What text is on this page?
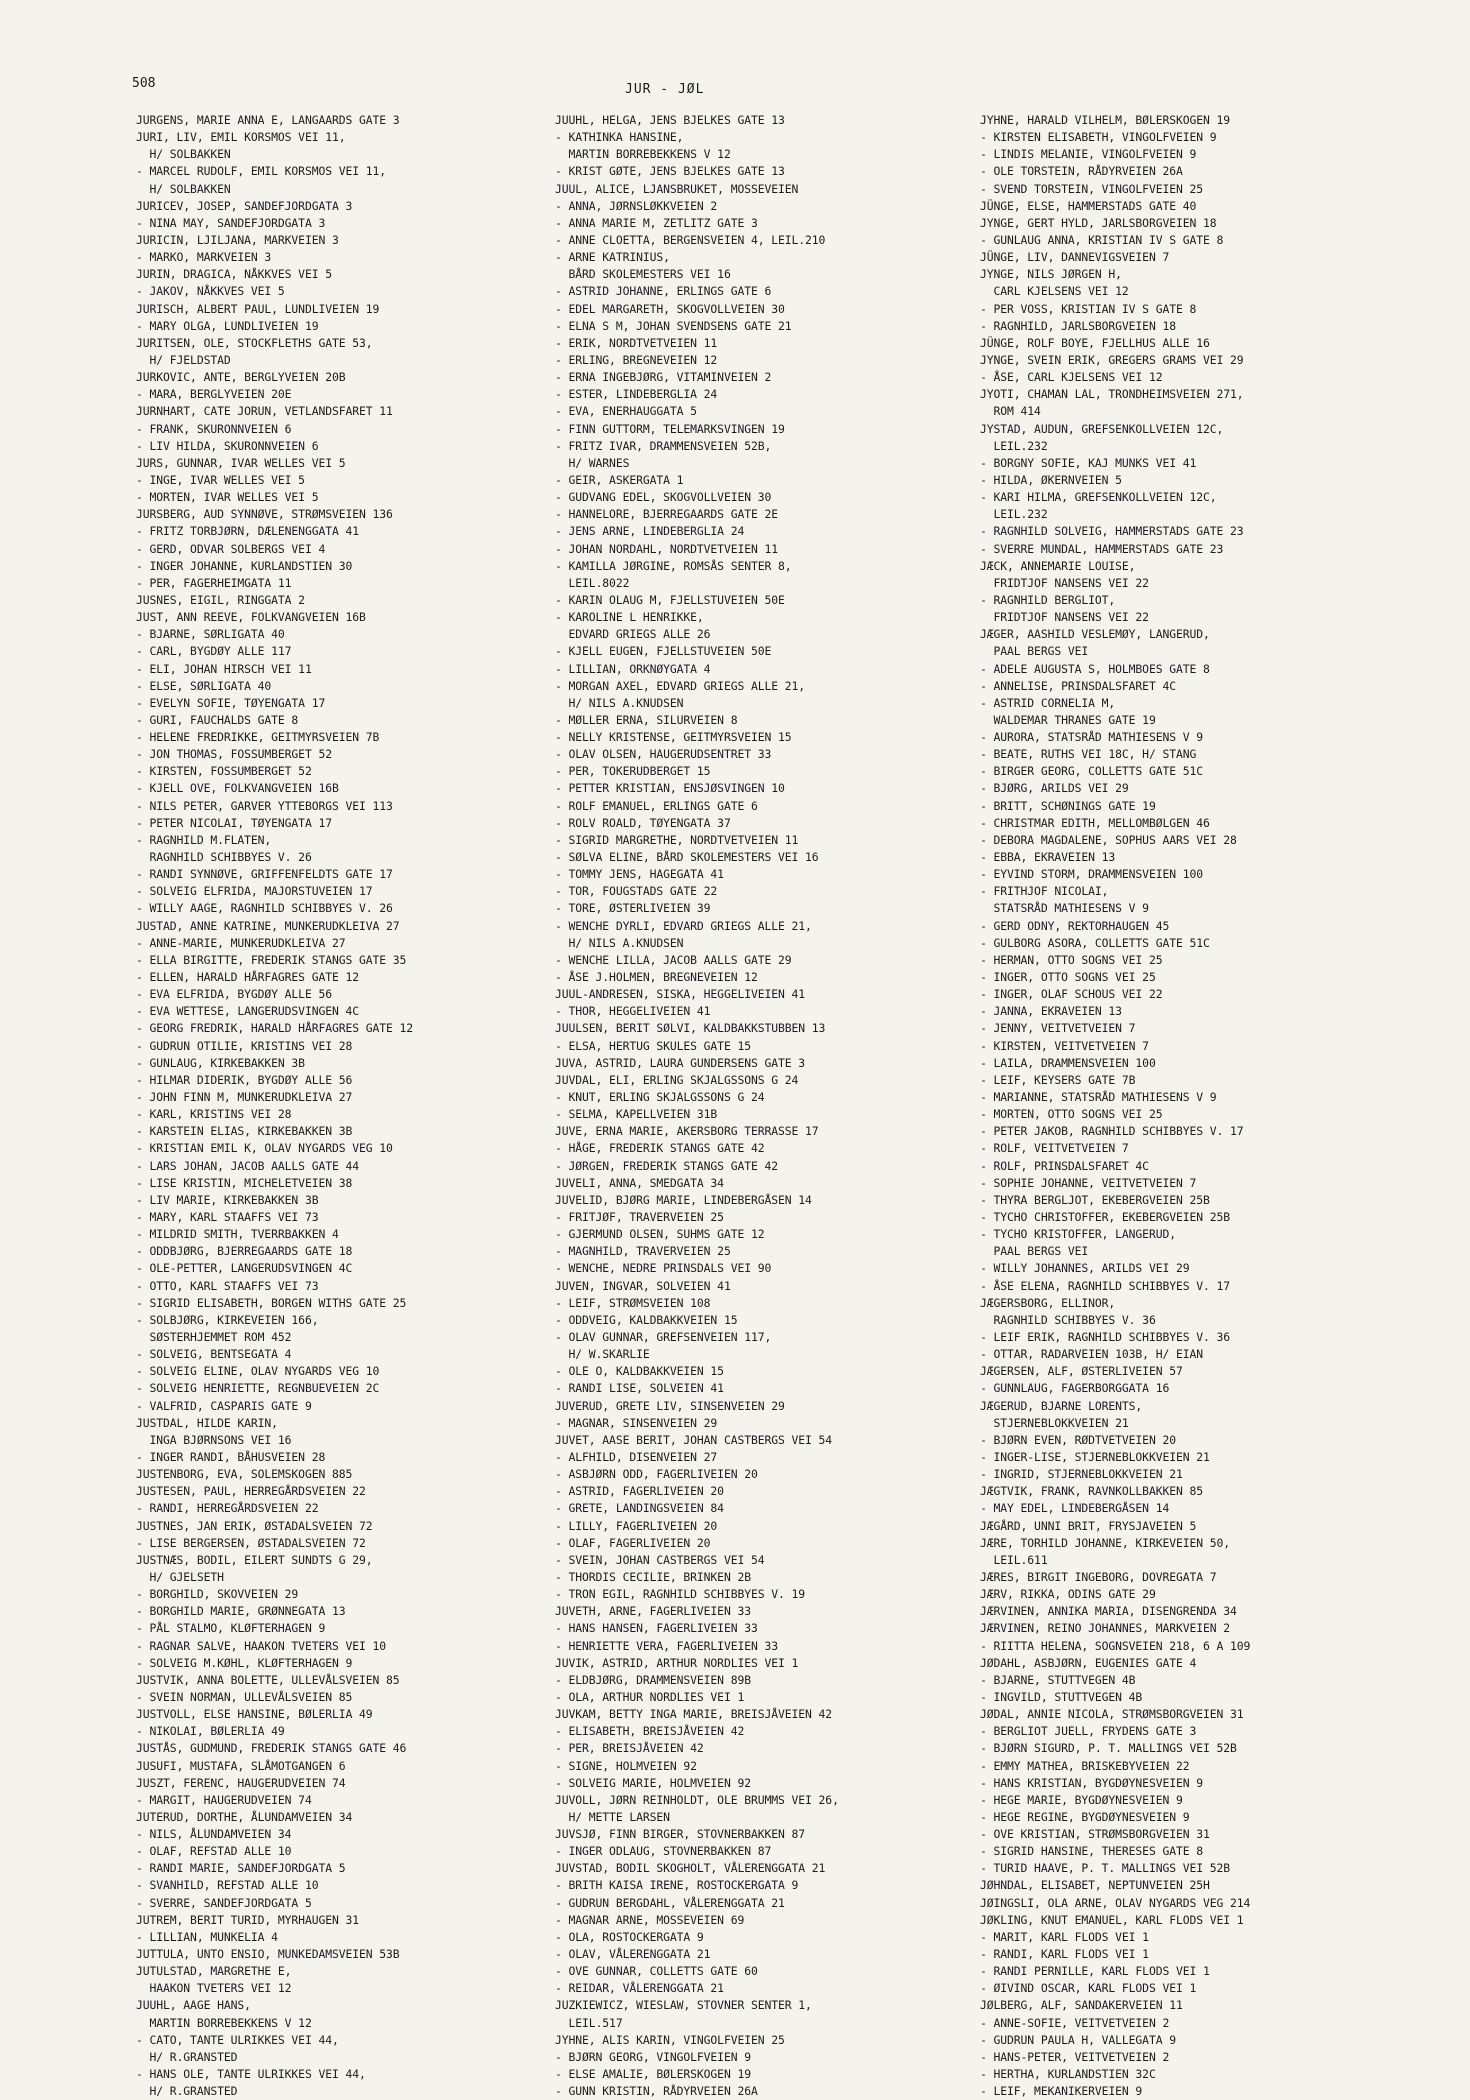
508	JUR - JØL
JURGENS, MARIE ANNA E, LANGAARDS GATE 3
JURI, LIV, EMIL KORSMOS VEI 11,
H/ SOLBAKKEN
- MARCEL RUDOLF, EMIL KORSMOS VEI 11,
H/ SOLBAKKEN
JURICEV, JOSEP, SANDEFJORDGATA 3
- NINA MAY, SANDEFJORDGATA 3
JURICIN, LJILJANA, MARKVEIEN 3
- MARKO, MARKVEIEN 3
JURIN, DRAGICA, NÅKKVES VEI 5
- JAKOV, NÅKKVES VEI 5
JURISCH, ALBERT PAUL, LUNDLIVEIEN 19
- MARY OLGA, LUNDLIVEIEN 19
JURITSEN, OLE, STOCKFLETHS GATE 53,
H/ FJELDSTAD
JURKOVIC, ANTE, BERGLYVEIEN 20B
- MARA, BERGLYVEIEN 20E
JURNHART, CATE JORUN, VETLANDSFARET 11
- FRANK, SKURONNVEIEN 6
- LIV HILDA, SKURONNVEIEN 6
JURS, GUNNAR, IVAR WELLES VEI 5
- INGE, IVAR WELLES VEI 5
- MORTEN, IVAR WELLES VEI 5
JURSBERG, AUD SYNNØVE, STRØMSVEIEN 136
- FRITZ TORBJØRN, DÆLENENGGATA 41
- GERD, ODVAR SOLBERGS VEI 4
- INGER JOHANNE, KURLANDSTIEN 30
- PER, FAGERHEIMGATA 11
JUSNES, EIGIL, RINGGATA 2
JUST, ANN REEVE, FOLKVANGVEIEN 16B
- BJARNE, SØRLIGATA 40
- CARL, BYGDØY ALLE 117
- ELI, JOHAN HIRSCH VEI 11
- ELSE, SØRLIGATA 40
- EVELYN SOFIE, TØYENGATA 17
- GURI, FAUCHALDS GATE 8
- HELENE FREDRIKKE, GEITMYRSVEIEN 7B
- JON THOMAS, FOSSUMBERGET 52
- KIRSTEN, FOSSUMBERGET 52
- KJELL OVE, FOLKVANGVEIEN 16B
- NILS PETER, GARVER YTTEBORGS VEI 113
- PETER NICOLAI, TØYENGATA 17
- RAGNHILD M.FLATEN,
RAGNHILD SCHIBBYES V. 26
- RANDI SYNNØVE, GRIFFENFELDTS GATE 17
- SOLVEIG ELFRIDA, MAJORSTUVEIEN 17
- WILLY AAGE, RAGNHILD SCHIBBYES V. 26
JUSTAD, ANNE KATRINE, MUNKERUDKLEIVA 27
- ANNE-MARIE, MUNKERUDKLEIVA 27
- ELLA BIRGITTE, FREDERIK STANGS GATE 35
- ELLEN, HARALD HÅRFAGRES GATE 12
- EVA ELFRIDA, BYGDØY ALLE 56
- EVA WETTESE, LANGERUDSVINGEN 4C
- GEORG FREDRIK, HARALD HÅRFAGRES GATE 12
- GUDRUN OTILIE, KRISTINS VEI 28
- GUNLAUG, KIRKEBAKKEN 3B
- HILMAR DIDERIK, BYGDØY ALLE 56
- JOHN FINN M, MUNKERUDKLEIVA 27
- KARL, KRISTINS VEI 28
- KARSTEIN ELIAS, KIRKEBAKKEN 3B
- KRISTIAN EMIL K, OLAV NYGARDS VEG 10
- LARS JOHAN, JACOB AALLS GATE 44
- LISE KRISTIN, MICHELETVEIEN 38
- LIV MARIE, KIRKEBAKKEN 3B
- MARY, KARL STAAFFS VEI 73
- MILDRID SMITH, TVERRBAKKEN 4
- ODDBJØRG, BJERREGAARDS GATE 18
- OLE-PETTER, LANGERUDSVINGEN 4C
- OTTO, KARL STAAFFS VEI 73
- SIGRID ELISABETH, BORGEN WITHS GATE 25
- SOLBJØRG, KIRKEVEIEN 166,
SØSTERHJEMMET ROM 452
- SOLVEIG, BENTSEGATA 4
- SOLVEIG ELINE, OLAV NYGARDS VEG 10
- SOLVEIG HENRIETTE, REGNBUEVEIEN 2C
- VALFRID, CASPARIS GATE 9
JUSTDAL, HILDE KARIN,
INGA BJØRNSONS VEI 16
- INGER RANDI, BÅHUSVEIEN 28
JUSTENBORG, EVA, SOLEMSKOGEN 885
JUSTESEN, PAUL, HERREGÅRDSVEIEN 22
- RANDI, HERREGÅRDSVEIEN 22
JUSTNES, JAN ERIK, ØSTADALSVEIEN 72
- LISE BERGERSEN, ØSTADALSVEIEN 72
JUSTNÆS, BODIL, EILERT SUNDTS G 29,
H/ GJELSETH
- BORGHILD, SKOVVEIEN 29
- BORGHILD MARIE, GRØNNEGATA 13
- PÅL STALMO, KLØFTERHAGEN 9
- RAGNAR SALVE, HAAKON TVETERS VEI 10
- SOLVEIG M.KØHL, KLØFTERHAGEN 9
JUSTVIK, ANNA BOLETTE, ULLEVÅLSVEIEN 85
- SVEIN NORMAN, ULLEVÅLSVEIEN 85
JUSTVOLL, ELSE HANSINE, BØLERLIA 49
- NIKOLAI, BØLERLIA 49
JUSTÅS, GUDMUND, FREDERIK STANGS GATE 46
JUSUFI, MUSTAFA, SLÅMOTGANGEN 6
JUSZT, FERENC, HAUGERUDVEIEN 74
- MARGIT, HAUGERUDVEIEN 74
JUTERUD, DORTHE, ÅLUNDAMVEIEN 34
- NILS, ÅLUNDAMVEIEN 34
- OLAF, REFSTAD ALLE 10
- RANDI MARIE, SANDEFJORDGATA 5
- SVANHILD, REFSTAD ALLE 10
- SVERRE, SANDEFJORDGATA 5
JUTREM, BERIT TURID, MYRHAUGEN 31
- LILLIAN, MUNKELIA 4
JUTTULA, UNTO ENSIO, MUNKEDAMSVEIEN 53B
JUTULSTAD, MARGRETHE E,
HAAKON TVETERS VEI 12
JUUHL, AAGE HANS,
MARTIN BORREBEKKENS V 12
- CATO, TANTE ULRIKKES VEI 44,
H/ R.GRANSTED
- HANS OLE, TANTE ULRIKKES VEI 44,
H/ R.GRANSTED
JUUHL, HELGA, JENS BJELKES GATE 13
- KATHINKA HANSINE,
MARTIN BORREBEKKENS V 12
- KRIST GØTE, JENS BJELKES GATE 13
JUUL, ALICE, LJANSBRUKET, MOSSEVEIEN
- ANNA, JØRNSLØKKVEIEN 2
- ANNA MARIE M, ZETLITZ GATE 3
- ANNE CLOETTA, BERGENSVEIEN 4, LEIL.210
- ARNE KATRINIUS,
BÅRD SKOLEMESTERS VEI 16
- ASTRID JOHANNE, ERLINGS GATE 6
- EDEL MARGARETH, SKOGVOLLVEIEN 30
- ELNA S M, JOHAN SVENDSENS GATE 21
- ERIK, NORDTVETVEIEN 11
- ERLING, BREGNEVEIEN 12
- ERNA INGEBJØRG, VITAMINVEIEN 2
- ESTER, LINDEBERGLIA 24
- EVA, ENERHAUGGATA 5
- FINN GUTTORM, TELEMARKSVINGEN 19
- FRITZ IVAR, DRAMMENSVEIEN 52B,
H/ WARNES
- GEIR, ASKERGATA 1
- GUDVANG EDEL, SKOGVOLLVEIEN 30
- HANNELORE, BJERREGAARDS GATE 2E
- JENS ARNE, LINDEBERGLIA 24
- JOHAN NORDAHL, NORDTVETVEIEN 11
- KAMILLA JØRGINE, ROMSÅS SENTER 8,
LEIL.8022
- KARIN OLAUG M, FJELLSTUVEIEN 50E
- KAROLINE L HENRIKKE,
EDVARD GRIEGS ALLE 26
- KJELL EUGEN, FJELLSTUVEIEN 50E
- LILLIAN, ORKNØYGATA 4
- MORGAN AXEL, EDVARD GRIEGS ALLE 21,
H/ NILS A.KNUDSEN
- MØLLER ERNA, SILURVEIEN 8
- NELLY KRISTENSE, GEITMYRSVEIEN 15
- OLAV OLSEN, HAUGERUDSENTRET 33
- PER, TOKERUDBERGET 15
- PETTER KRISTIAN, ENSJØSVINGEN 10
- ROLF EMANUEL, ERLINGS GATE 6
- ROLV ROALD, TØYENGATA 37
- SIGRID MARGRETHE, NORDTVETVEIEN 11
- SØLVA ELINE, BÅRD SKOLEMESTERS VEI 16
- TOMMY JENS, HAGEGATA 41
- TOR, FOUGSTADS GATE 22
- TORE, ØSTERLIVEIEN 39
- WENCHE DYRLI, EDVARD GRIEGS ALLE 21,
H/ NILS A.KNUDSEN
- WENCHE LILLA, JACOB AALLS GATE 29
- ÅSE J.HOLMEN, BREGNEVEIEN 12
JUUL-ANDRESEN, SISKA, HEGGELIVEIEN 41
- THOR, HEGGELIVEIEN 41
JUULSEN, BERIT SØLVI, KALDBAKKSTUBBEN 13
- ELSA, HERTUG SKULES GATE 15
JUVA, ASTRID, LAURA GUNDERSENS GATE 3
JUVDAL, ELI, ERLING SKJALGSSONS G 24
- KNUT, ERLING SKJALGSSONS G 24
- SELMA, KAPELLVEIEN 31B
JUVE, ERNA MARIE, AKERSBORG TERRASSE 17
- HÅGE, FREDERIK STANGS GATE 42
- JØRGEN, FREDERIK STANGS GATE 42
JUVELI, ANNA, SMEDGATA 34
JUVELID, BJØRG MARIE, LINDEBERGÅSEN 14
- FRITJØF, TRAVERVEIEN 25
- GJERMUND OLSEN, SUHMS GATE 12
- MAGNHILD, TRAVERVEIEN 25
- WENCHE, NEDRE PRINSDALS VEI 90
JUVEN, INGVAR, SOLVEIEN 41
- LEIF, STRØMSVEIEN 108
- ODDVEIG, KALDBAKKVEIEN 15
- OLAV GUNNAR, GREFSENVEIEN 117,
H/ W.SKARLIE
- OLE O, KALDBAKKVEIEN 15
- RANDI LISE, SOLVEIEN 41
JUVERUD, GRETE LIV, SINSENVEIEN 29
- MAGNAR, SINSENVEIEN 29
JUVET, AASE BERIT, JOHAN CASTBERGS VEI 54
- ALFHILD, DISENVEIEN 27
- ASBJØRN ODD, FAGERLIVEIEN 20
- ASTRID, FAGERLIVEIEN 20
- GRETE, LANDINGSVEIEN 84
- LILLY, FAGERLIVEIEN 20
- OLAF, FAGERLIVEIEN 20
- SVEIN, JOHAN CASTBERGS VEI 54
- THORDIS CECILIE, BRINKEN 2B
- TRON EGIL, RAGNHILD SCHIBBYES V. 19
JUVETH, ARNE, FAGERLIVEIEN 33
- HANS HANSEN, FAGERLIVEIEN 33
- HENRIETTE VERA, FAGERLIVEIEN 33
JUVIK, ASTRID, ARTHUR NORDLIES VEI 1
- ELDBJØRG, DRAMMENSVEIEN 89B
- OLA, ARTHUR NORDLIES VEI 1
JUVKAM, BETTY INGA MARIE, BREISJÅVEIEN 42
- ELISABETH, BREISJÅVEIEN 42
- PER, BREISJÅVEIEN 42
- SIGNE, HOLMVEIEN 92
- SOLVEIG MARIE, HOLMVEIEN 92
JUVOLL, JØRN REINHOLDT, OLE BRUMMS VEI 26,
H/ METTE LARSEN
JUVSJØ, FINN BIRGER, STOVNERBAKKEN 87
- INGER ODLAUG, STOVNERBAKKEN 87
JUVSTAD, BODIL SKOGHOLT, VÅLERENGGATA 21
- BRITH KAISA IRENE, ROSTOCKERGATA 9
- GUDRUN BERGDAHL, VÅLERENGGATA 21
- MAGNAR ARNE, MOSSEVEIEN 69
- OLA, ROSTOCKERGATA 9
- OLAV, VÅLERENGGATA 21
- OVE GUNNAR, COLLETTS GATE 60
- REIDAR, VÅLERENGGATA 21
JUZKIEWICZ, WIESLAW, STOVNER SENTER 1,
LEIL.517
JYHNE, ALIS KARIN, VINGOLFVEIEN 25
- BJØRN GEORG, VINGOLFVEIEN 9
- ELSE AMALIE, BØLERSKOGEN 19
- GUNN KRISTIN, RÅDYRVEIEN 26A
JYHNE, HARALD VILHELM, BØLERSKOGEN 19
- KIRSTEN ELISABETH, VINGOLFVEIEN 9
- LINDIS MELANIE, VINGOLFVEIEN 9
- OLE TORSTEIN, RÅDYRVEIEN 26A
- SVEND TORSTEIN, VINGOLFVEIEN 25
JÜNGE, ELSE, HAMMERSTADS GATE 40
JYNGE, GERT HYLD, JARLSBORGVEIEN 18
- GUNLAUG ANNA, KRISTIAN IV S GATE 8
JÜNGE, LIV, DANNEVIGSVEIEN 7
JYNGE, NILS JØRGEN H,
CARL KJELSENS VEI 12
- PER VOSS, KRISTIAN IV S GATE 8
- RAGNHILD, JARLSBORGVEIEN 18
JÜNGE, ROLF BOYE, FJELLHUS ALLE 16
JYNGE, SVEIN ERIK, GREGERS GRAMS VEI 29
- ÅSE, CARL KJELSENS VEI 12
JYOTI, CHAMAN LAL, TRONDHEIMSVEIEN 271,
ROM 414
JYSTAD, AUDUN, GREFSENKOLLVEIEN 12C,
LEIL.232
- BORGNY SOFIE, KAJ MUNKS VEI 41
- HILDA, ØKERNVEIEN 5
- KARI HILMA, GREFSENKOLLVEIEN 12C,
LEIL.232
- RAGNHILD SOLVEIG, HAMMERSTADS GATE 23
- SVERRE MUNDAL, HAMMERSTADS GATE 23
JÆCK, ANNEMARIE LOUISE,
FRIDTJOF NANSENS VEI 22
- RAGNHILD BERGLIOT,
FRIDTJOF NANSENS VEI 22
JÆGER, AASHILD VESLEMØY, LANGERUD,
PAAL BERGS VEI
- ADELE AUGUSTA S, HOLMBOES GATE 8
- ANNELISE, PRINSDALSFARET 4C
- ASTRID CORNELIA M,
WALDEMAR THRANES GATE 19
- AURORA, STATSRÅD MATHIESENS V 9
- BEATE, RUTHS VEI 18C, H/ STANG
- BIRGER GEORG, COLLETTS GATE 51C
- BJØRG, ARILDS VEI 29
- BRITT, SCHØNINGS GATE 19
- CHRISTMAR EDITH, MELLOMBØLGEN 46
- DEBORA MAGDALENE, SOPHUS AARS VEI 28
- EBBA, EKRAVEIEN 13
- EYVIND STORM, DRAMMENSVEIEN 100
- FRITHJOF NICOLAI,
STATSRÅD MATHIESENS V 9
- GERD ODNY, REKTORHAUGEN 45
- GULBORG ASORA, COLLETTS GATE 51C
- HERMAN, OTTO SOGNS VEI 25
- INGER, OTTO SOGNS VEI 25
- INGER, OLAF SCHOUS VEI 22
- JANNA, EKRAVEIEN 13
- JENNY, VEITVETVEIEN 7
- KIRSTEN, VEITVETVEIEN 7
- LAILA, DRAMMENSVEIEN 100
- LEIF, KEYSERS GATE 7B
- MARIANNE, STATSRÅD MATHIESENS V 9
- MORTEN, OTTO SOGNS VEI 25
- PETER JAKOB, RAGNHILD SCHIBBYES V. 17
- ROLF, VEITVETVEIEN 7
- ROLF, PRINSDALSFARET 4C
- SOPHIE JOHANNE, VEITVETVEIEN 7
- THYRA BERGLJOT, EKEBERGVEIEN 25B
- TYCHO CHRISTOFFER, EKEBERGVEIEN 25B
- TYCHO KRISTOFFER, LANGERUD,
PAAL BERGS VEI
- WILLY JOHANNES, ARILDS VEI 29
- ÅSE ELENA, RAGNHILD SCHIBBYES V. 17
JÆGERSBORG, ELLINOR,
RAGNHILD SCHIBBYES V. 36
- LEIF ERIK, RAGNHILD SCHIBBYES V. 36
- OTTAR, RADARVEIEN 103B, H/ EIAN
JÆGERSEN, ALF, ØSTERLIVEIEN 57
- GUNNLAUG, FAGERBORGGATA 16
JÆGERUD, BJARNE LORENTS,
STJERNEBLOKKVEIEN 21
- BJØRN EVEN, RØDTVETVEIEN 20
- INGER-LISE, STJERNEBLOKKVEIEN 21
- INGRID, STJERNEBLOKKVEIEN 21
JÆGTVIK, FRANK, RAVNKOLLBAKKEN 85
- MAY EDEL, LINDEBERGÅSEN 14
JÆGÅRD, UNNI BRIT, FRYSJAVEIEN 5
JÆRE, TORHILD JOHANNE, KIRKEVEIEN 50,
LEIL.611
JÆRES, BIRGIT INGEBORG, DOVREGATA 7
JÆRV, RIKKA, ODINS GATE 29
JÆRVINEN, ANNIKA MARIA, DISENGRENDA 34
JÆRVINEN, REINO JOHANNES, MARKVEIEN 2
- RIITTA HELENA, SOGNSVEIEN 218, 6 A 109
JØDAHL, ASBJØRN, EUGENIES GATE 4
- BJARNE, STUTTVEGEN 4B
- INGVILD, STUTTVEGEN 4B
JØDAL, ANNIE NICOLA, STRØMSBORGVEIEN 31
- BERGLIOT JUELL, FRYDENS GATE 3
- BJØRN SIGURD, P. T. MALLINGS VEI 52B
- EMMY MATHEA, BRISKEBYVEIEN 22
- HANS KRISTIAN, BYGDØYNESVEIEN 9
- HEGE MARIE, BYGDØYNESVEIEN 9
- HEGE REGINE, BYGDØYNESVEIEN 9
- OVE KRISTIAN, STRØMSBORGVEIEN 31
- SIGRID HANSINE, THERESES GATE 8
- TURID HAAVE, P. T. MALLINGS VEI 52B
JØHNDAL, ELISABET, NEPTUNVEIEN 25H
JØINGSLI, OLA ARNE, OLAV NYGARDS VEG 214
JØKLING, KNUT EMANUEL, KARL FLODS VEI 1
- MARIT, KARL FLODS VEI 1
- RANDI, KARL FLODS VEI 1
- RANDI PERNILLE, KARL FLODS VEI 1
- ØIVIND OSCAR, KARL FLODS VEI 1
JØLBERG, ALF, SANDAKERVEIEN 11
- ANNE-SOFIE, VEITVETVEIEN 2
- GUDRUN PAULA H, VALLEGATA 9
- HANS-PETER, VEITVETVEIEN 2
- HERTHA, KURLANDSTIEN 32C
- LEIF, MEKANIKERVEIEN 9
